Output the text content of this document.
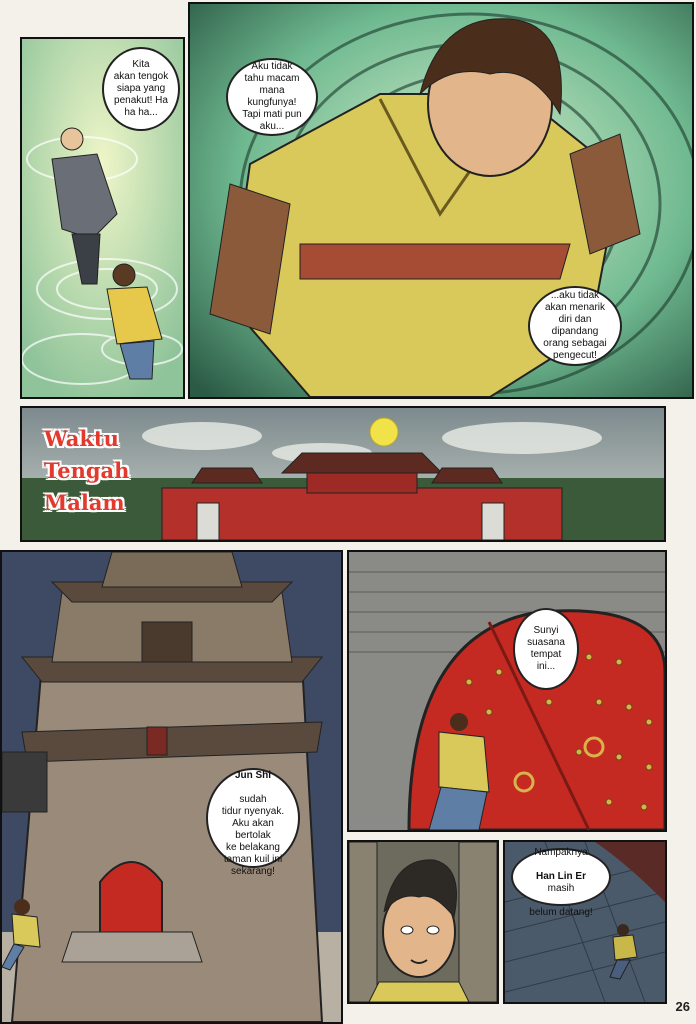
Kita
akan tengok
siapa yang
penakut! Ha
ha ha...
Aku tidak
tahu macam
mana kungfunya!
Tapi mati pun
aku...
...aku tidak
akan menarik
diri dan dipandang
orang sebagai
pengecut!
Waktu
Tengah
Malam

Jun Shi

sudah
tidur nyenyak.
Aku akan bertolak
ke belakang
taman kuil ini
sekarang!

Sunyi
suasana
tempat
ini...

Nampaknya

Han Lin Er
masih

belum datang!

26
